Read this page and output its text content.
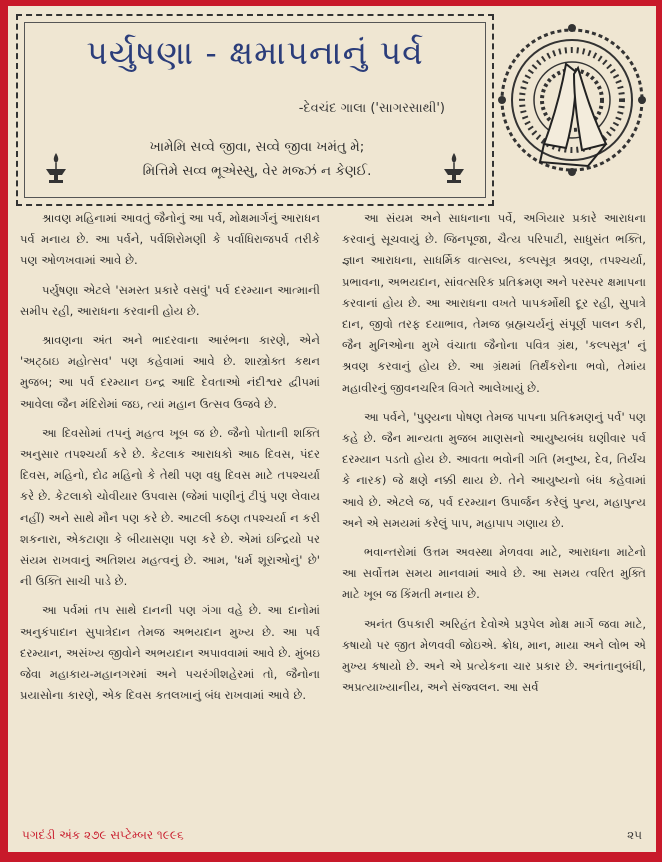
પર્યુષણા - ક્ષમાપનાનું પર્વ
-દેવચંદ ગાલા ('સાગરસાથી')
ખામેમિ સવ્વે જીવા, સવ્વે જીવા ખમંતુ મે;
મિત્તિમે સવ્વ ભૂએસ્સુ, વેર મજ્ઝં ન કેણઈ.

શ્રાવણ મહિનામાં આવતું જૈનોનું આ પર્વ, મોક્ષમાર્ગનું આરાધન પર્વ મનાય છે. આ પર્વને, પર્વશિરોમણી કે પર્વાધિરાજપર્વ તરીકે પણ ઓળખવામાં આવે છે.

પર્યુષણા એટલે 'સમસ્ત પ્રકારે વસવું' પર્વ દરમ્યાન આત્માની સમીપ રહી, આરાધના કરવાની હોય છે.

શ્રાવણના અંત અને ભાદરવાના આરંભના કારણે, એને 'અટ્ઠાઇ મહોત્સવ' પણ કહેવામાં આવે છે. શાસ્ત્રોક્ત કથન મુજબ; આ પર્વ દરમ્યાન ઇન્દ્ર આદિ દેવતાઓ નંદીશ્વર દ્વીપમાં આવેલા જૈન મંદિરોમાં જઇ, ત્યાં મહાન ઉત્સવ ઉજવે છે.

આ દિવસોમાં તપનું મહત્વ ખૂબ જ છે. જૈનો પોતાની શક્તિ અનુસાર તપશ્ચર્યા કરે છે. કેટલાક આરાધકો આઠ દિવસ, પંદર દિવસ, મહિનો, દોઢ મહિનો કે તેથી પણ વધુ દિવસ માટે તપશ્ચર્યા કરે છે. કેટલાકો ચોવીયાર ઉપવાસ (જેમાં પાણીનું ટીપું પણ લેવાય નહીં) અને સાથે મૌન પણ કરે છે. આટલી કઠણ તપશ્ચર્યા ન કરી શકનારા, એકટાણા કે બીયાસણા પણ કરે છે. એમાં ઇન્દ્રિયો પર સંયમ રાખવાનું અતિશય મહત્વનું છે. આમ, 'ધર્મ શૂરાઓનું' છે' ની ઉક્તિ સાચી પાડે છે.

આ પર્વમાં તપ સાથે દાનની પણ ગંગા વહે છે. આ દાનોમાં અનુકંપાદાન સુપાત્રેદાન તેમજ અભયદાન મુખ્ય છે. આ પર્વ દરમ્યાન, અસંખ્ય જીવોને અભયદાન અપાવવામાં આવે છે. મુંબઇ જેવા મહાકાય-મહાનગરમાં અને પચરંગીશહેરમાં તો, જૈનોના પ્રયાસોના કારણે, એક દિવસ કતલખાનું બંધ રાખવામાં આવે છે.

આ સંયમ અને સાધનાના પર્વે, અગિયાર પ્રકારે આરાધના કરવાનું સૂચવાયું છે. જિનપૂજા, ચૈત્ય પરિપાટી, સાધુસંત ભક્તિ, જ્ઞાન આરાધના, સાધર્મિક વાત્સલ્ય, કલ્પસૂત્ર શ્રવણ, તપશ્ચર્યા, પ્રભાવના, અભયદાન, સાંવત્સરિક પ્રતિક્રમણ અને પરસ્પર ક્ષમાપના કરવાનાં હોય છે. આ આરાધના વખતે પાપકર્મોથી દૂર રહી, સુપાત્રે દાન, જીવો તરફ દયાભાવ, તેમજ બ્રહ્મચર્યનું સંપૂર્ણ પાલન કરી, જૈન મુનિઓના મુખે વંચાતા જૈનોના પવિત્ર ગ્રંથ, 'કલ્પસૂત્ર' નું શ્રવણ કરવાનું હોય છે. આ ગ્રંથમાં તિર્થંકરોના ભવો, તેમાંય મહાવીરનું જીવનચરિત્ર વિગતે આલેખાયું છે.

આ પર્વને, 'પુણ્યના પોષણ તેમજ પાપના પ્રતિક્રમણનું પર્વ' પણ કહે છે. જૈન માન્યતા મુજબ માણસનો આયુષ્યબંધ ઘણીવાર પર્વ દરમ્યાન પડતો હોય છે. આવતા ભવોની ગતિ (મનુષ્ય, દેવ, તિર્યંચ કે નારક) જે ક્ષણે નક્કી થાય છે. તેને આયુષ્યનો બંધ કહેવામાં આવે છે. એટલે જ, પર્વ દરમ્યાન ઉપાર્જન કરેલું પુન્ય, મહાપુન્ય અને એ સમયમાં કરેલું પાપ, મહાપાપ ગણાય છે.

ભવાન્તરોમાં ઉત્તમ અવસ્થા મેળવવા માટે, આરાધના માટેનો આ સર્વોત્તમ સમય માનવામાં આવે છે. આ સમય ત્વરિત મુક્તિ માટે ખૂબ જ કિંમતી મનાય છે.

અનંત ઉપકારી અરિહંત દેવોએ પ્રરૂપેલ મોક્ષ માર્ગે જવા માટે, કષાયો પર જીત મેળવવી જોઇએ. ક્રોધ, માન, માયા અને લોભ એ મુખ્ય કષાયો છે. અને એ પ્રત્યેકના ચાર પ્રકાર છે. અનંતાનુબંધી, અપ્રત્યાખ્યાનીય, અને સંજ્વલન. આ સર્વ

પગદંડી અંક ૨૭૯ સપ્ટેમ્બર ૧૯૯૬	૨૫
